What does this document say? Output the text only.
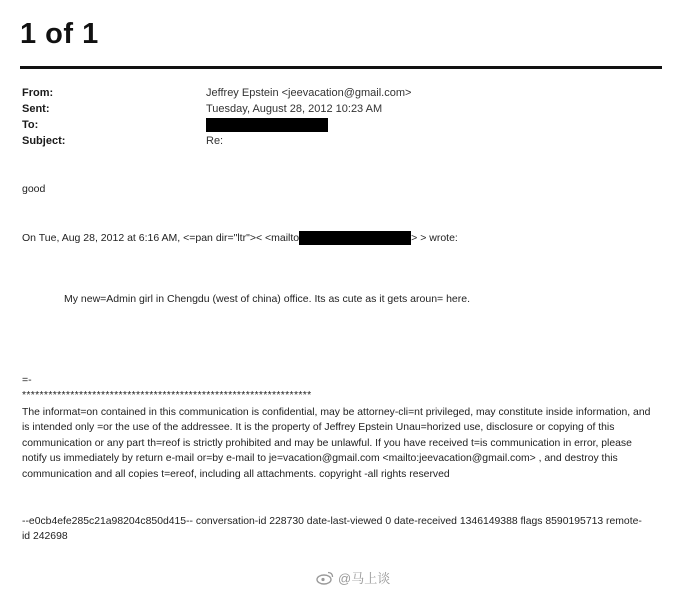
1 of 1
From:	Jeffrey Epstein <jeevacation@gmail.com>
Sent:	Tuesday, August 28, 2012 10:23 AM
To:
Subject:	Re:
good
On Tue, Aug 28, 2012 at 6:16 AM, <=pan dir="ltr">< <mailto	> > wrote:
My new=Admin girl in Chengdu (west of china) office. Its as cute as it gets aroun= here.
=-
******************************************************************
The informat=on contained in this communication is confidential, may be attorney-cli=nt privileged, may constitute inside information, and is intended only =or the use of the addressee. It is the property of Jeffrey Epstein Unau=horized use, disclosure or copying of this communication or any part th=reof is strictly prohibited and may be unlawful. If you have received t=is communication in error, please notify us immediately by return e-mail or=by e-mail to je=vacation@gmail.com <mailto:jeevacation@gmail.com> , and destroy this communication and all copies t=ereof, including all attachments. copyright -all rights reserved
--e0cb4efe285c21a98204c850d415-- conversation-id 228730 date-last-viewed 0 date-received 1346149388 flags 8590195713 remote-id 242698
@马上谈
